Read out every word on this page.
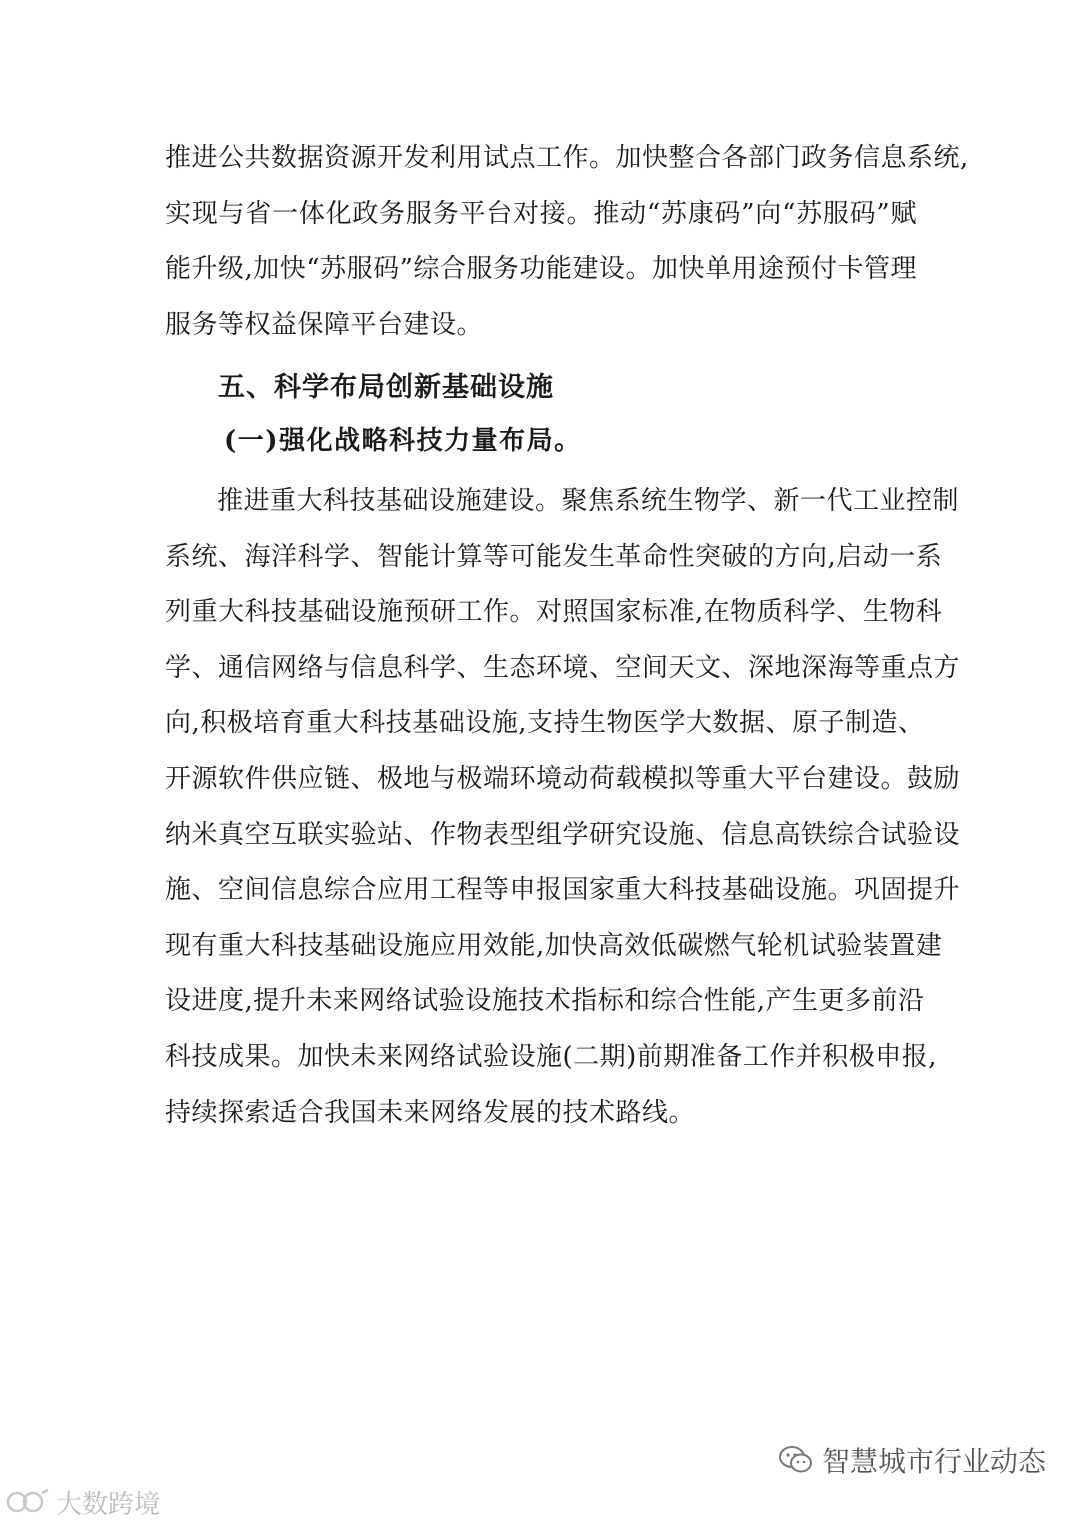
推进公共数据资源开发利用试点工作。加快整合各部门政务信息系统,
实现与省一体化政务服务平台对接。推动“苏康码”向“苏服码”赋
能升级,加快“苏服码”综合服务功能建设。加快单用途预付卡管理
服务等权益保障平台建设。
五、科学布局创新基础设施
(一)强化战略科技力量布局。
推进重大科技基础设施建设。聚焦系统生物学、新一代工业控制
系统、海洋科学、智能计算等可能发生革命性突破的方向,启动一系
列重大科技基础设施预研工作。对照国家标准,在物质科学、生物科
学、通信网络与信息科学、生态环境、空间天文、深地深海等重点方
向,积极培育重大科技基础设施,支持生物医学大数据、原子制造、
开源软件供应链、极地与极端环境动荷载模拟等重大平台建设。鼓励
纳米真空互联实验站、作物表型组学研究设施、信息高铁综合试验设
施、空间信息综合应用工程等申报国家重大科技基础设施。巩固提升
现有重大科技基础设施应用效能,加快高效低碳燃气轮机试验装置建
设进度,提升未来网络试验设施技术指标和综合性能,产生更多前沿
科技成果。加快未来网络试验设施(二期)前期准备工作并积极申报,
持续探索适合我国未来网络发展的技术路线。
智慧城市行业动态
大数跨境
